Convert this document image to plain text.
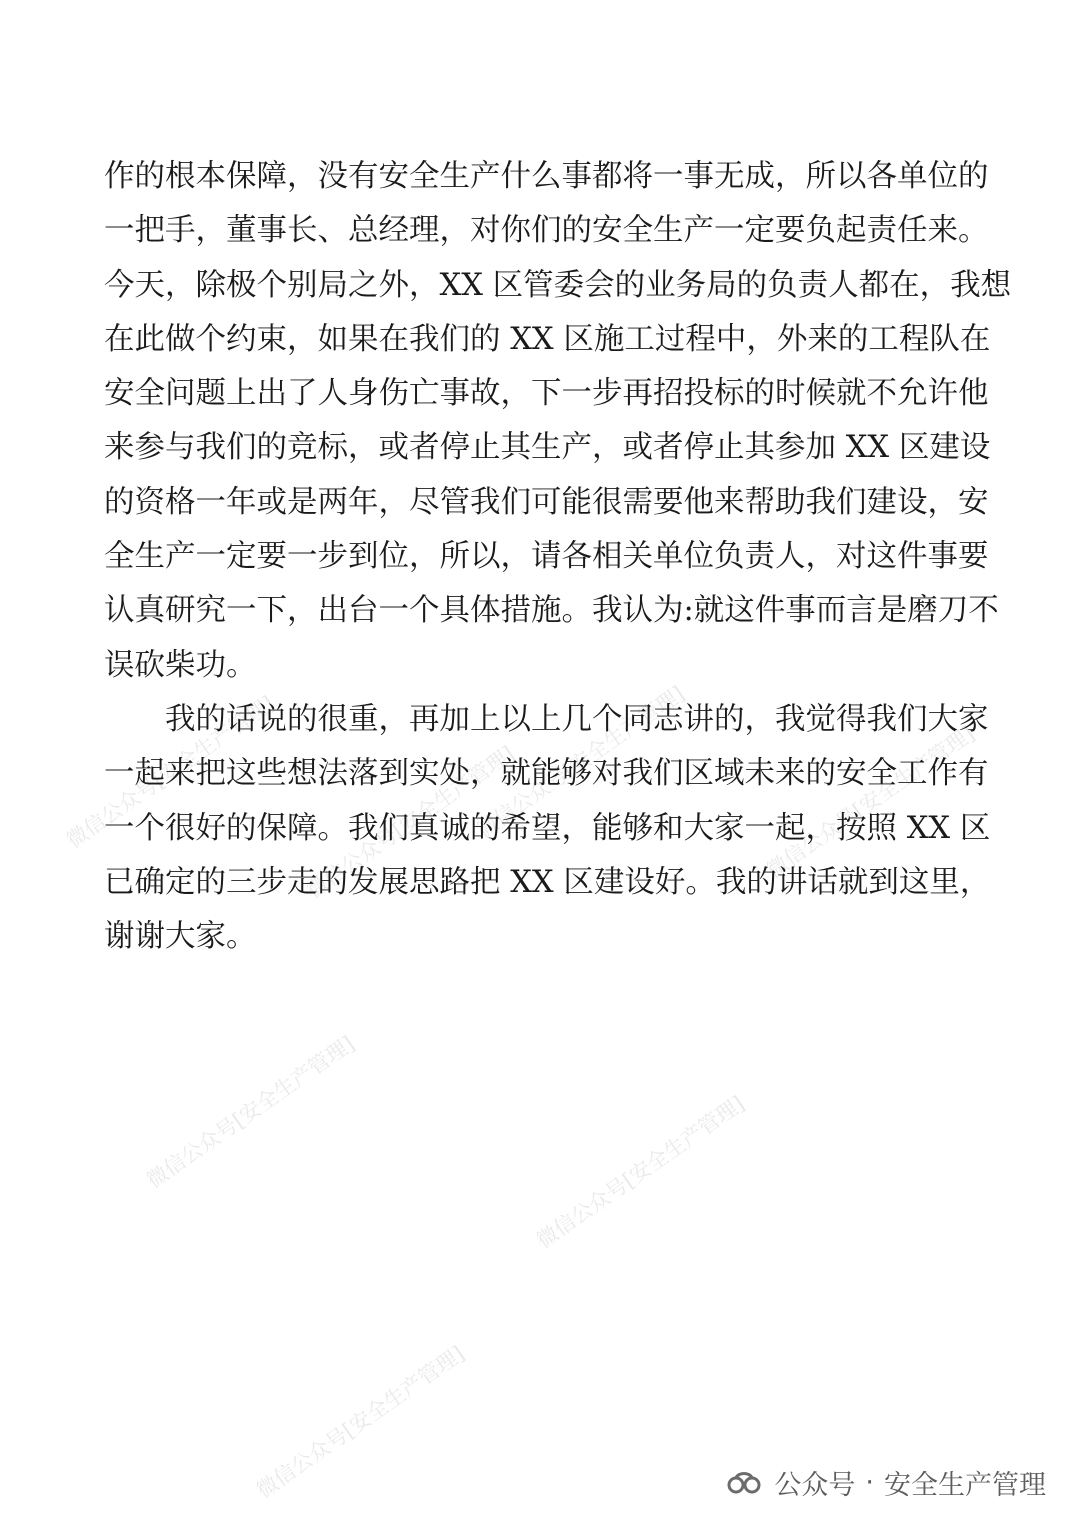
微信公众号[安全生产管理] 微信公众号[安全生产管理]
微信公众号[安全生产管理]	微信公众号[安全生产管理]
微信公众号[安全生产管理]	微信公众号[安全生产管理]
微信公众号[安全生产管理]
作的根本保障，没有安全生产什么事都将一事无成，所以各单位的
一把手，董事长、总经理，对你们的安全生产一定要负起责任来。
今天，除极个别局之外，XX 区管委会的业务局的负责人都在，我想
在此做个约束，如果在我们的 XX 区施工过程中，外来的工程队在
安全问题上出了人身伤亡事故，下一步再招投标的时候就不允许他
来参与我们的竞标，或者停止其生产，或者停止其参加 XX 区建设
的资格一年或是两年，尽管我们可能很需要他来帮助我们建设，安
全生产一定要一步到位，所以，请各相关单位负责人，对这件事要
认真研究一下，出台一个具体措施。我认为:就这件事而言是磨刀不
误砍柴功。
我的话说的很重，再加上以上几个同志讲的，我觉得我们大家
一起来把这些想法落到实处，就能够对我们区域未来的安全工作有
一个很好的保障。我们真诚的希望，能够和大家一起，按照 XX 区
已确定的三步走的发展思路把 XX 区建设好。我的讲话就到这里，
谢谢大家。
公众号 · 安全生产管理
